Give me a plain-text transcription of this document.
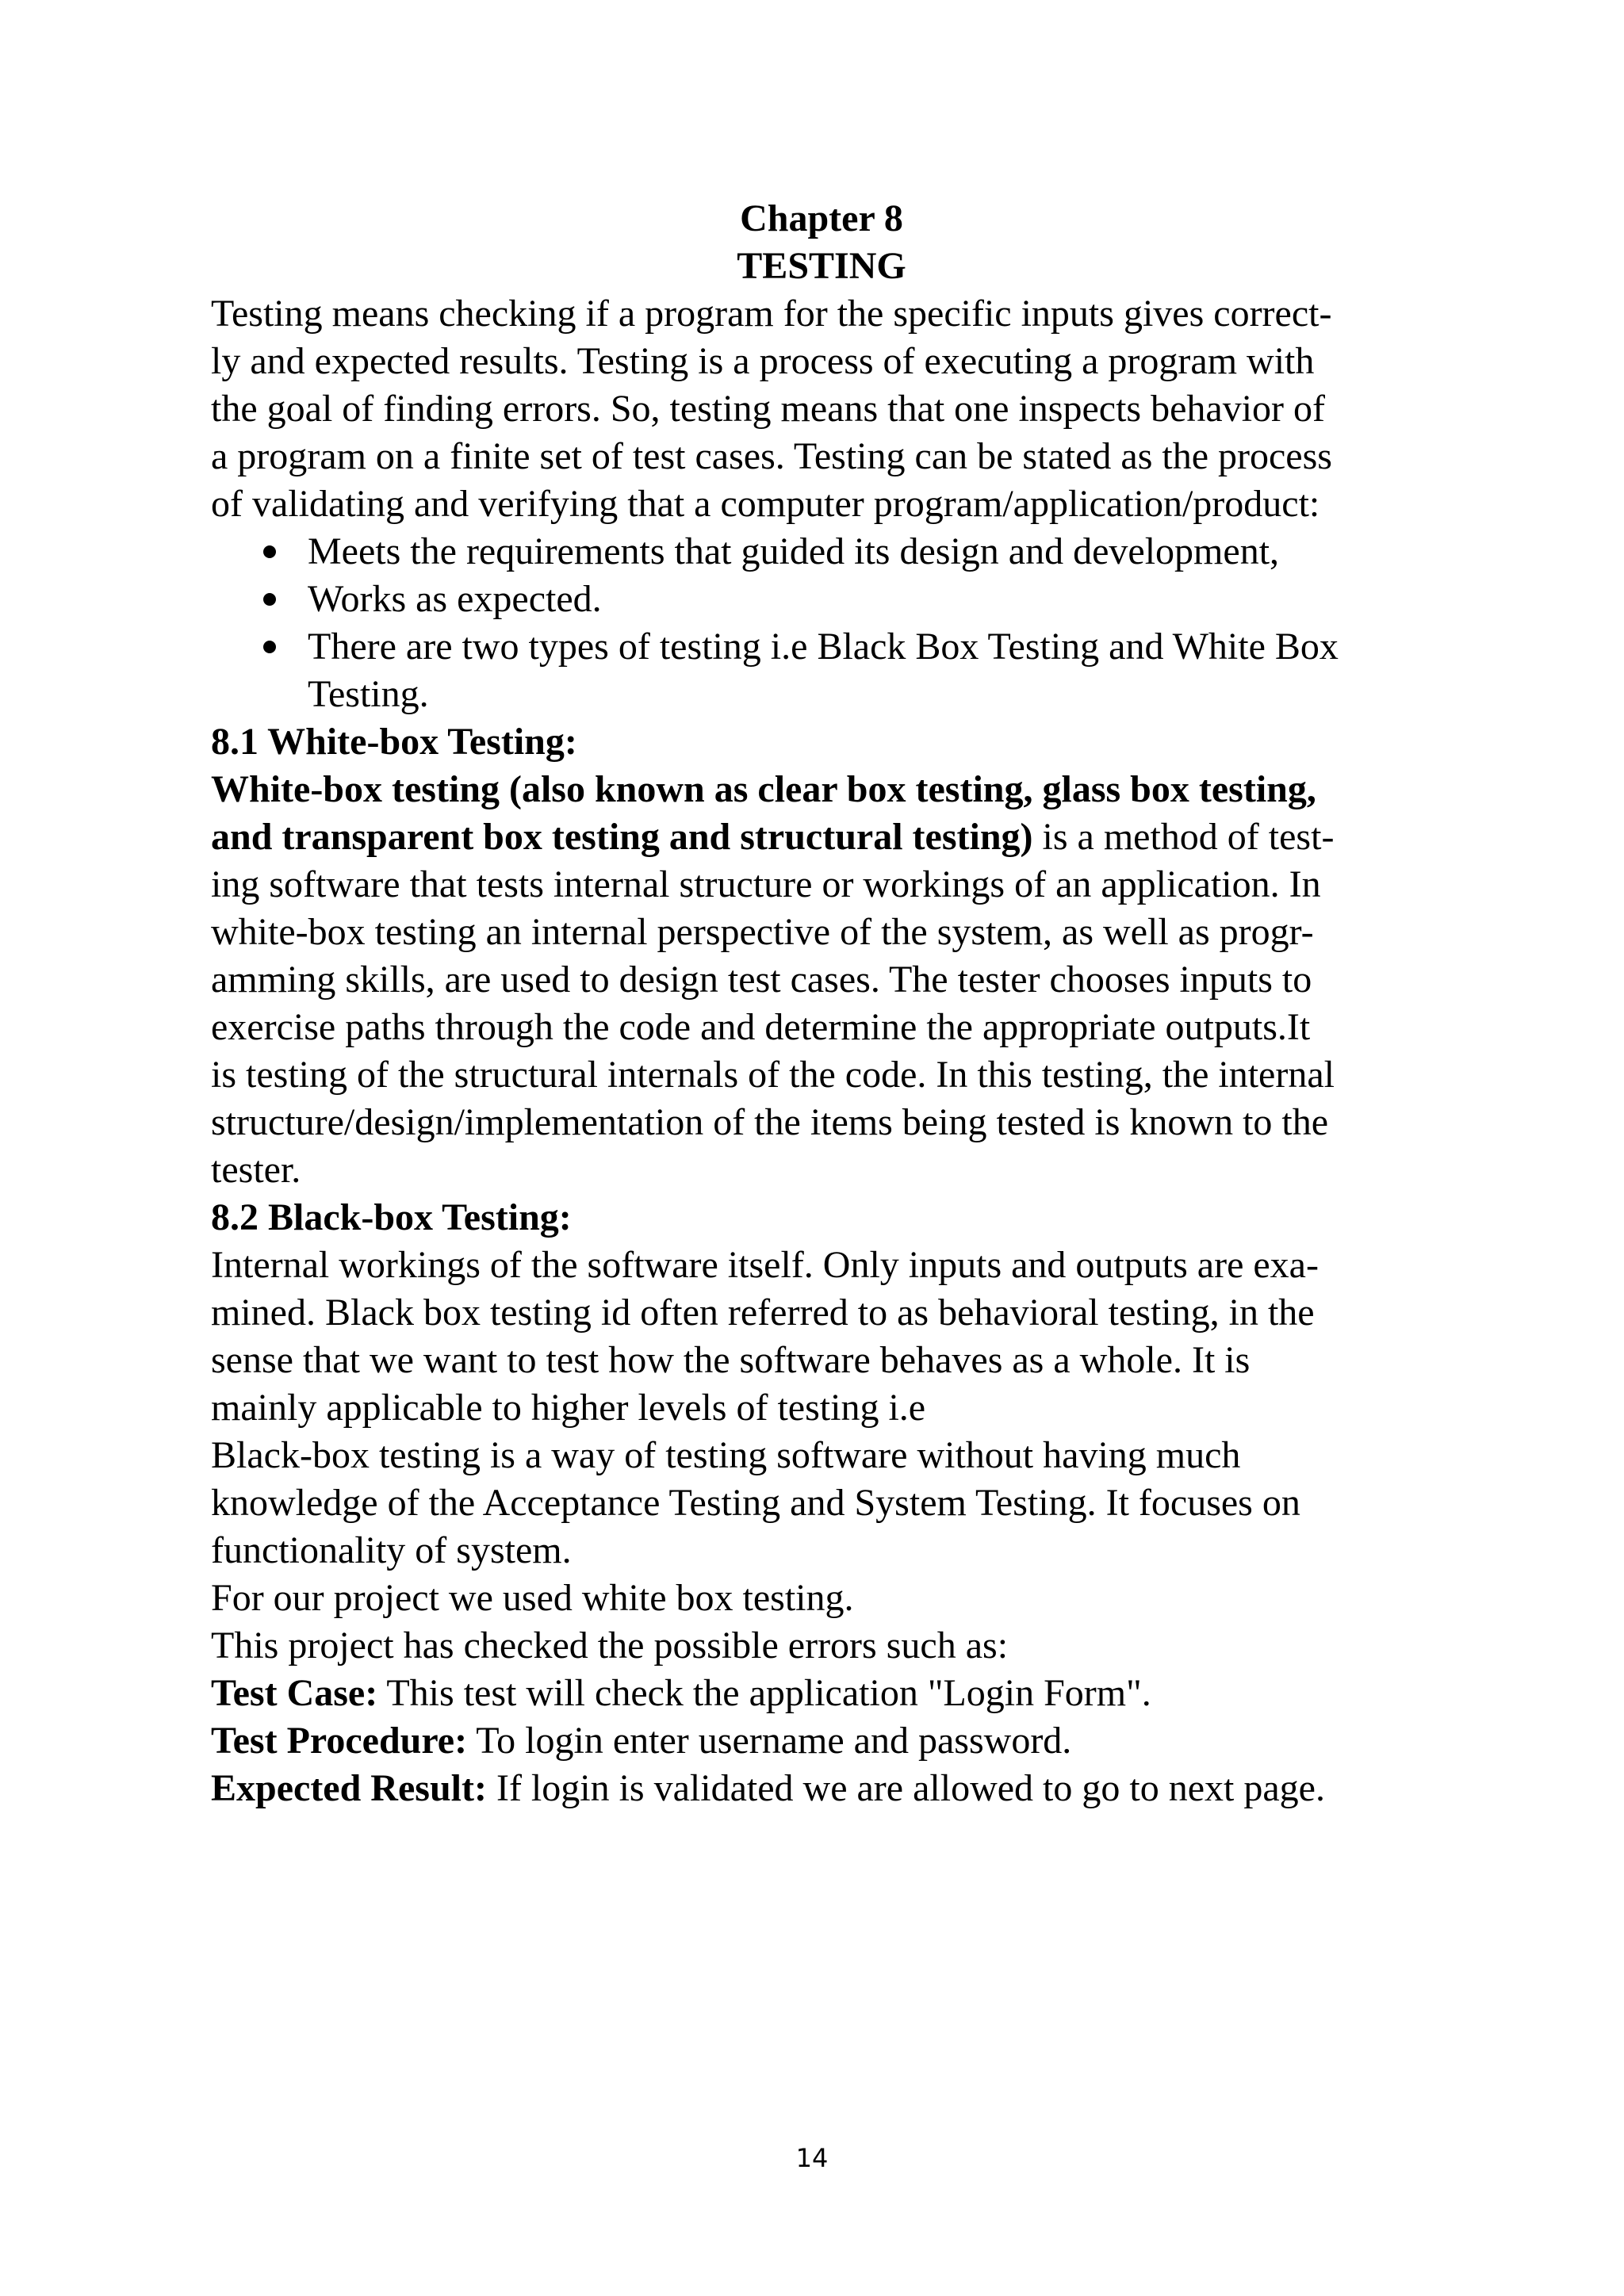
Chapter 8
TESTING
Testing means checking if a program for the specific inputs gives correct-
ly and expected results. Testing is a process of executing a program with
the goal of finding errors. So, testing means that one inspects behavior of
a program on a finite set of test cases. Testing can be stated as the process
of validating and verifying that a computer program/application/product:
Meets the requirements that guided its design and development,
Works as expected.
There are two types of testing i.e Black Box Testing and White Box
Testing.
8.1 White-box Testing:
White-box testing (also known as clear box testing, glass box testing,
and transparent box testing and structural testing) is a method of test-
ing software that tests internal structure or workings of an application. In
white-box testing an internal perspective of the system, as well as progr-
amming skills, are used to design test cases. The tester chooses inputs to
exercise paths through the code and determine the appropriate outputs.It
is testing of the structural internals of the code. In this testing, the internal
structure/design/implementation of the items being tested is known to the
tester.
8.2 Black-box Testing:
Internal workings of the software itself. Only inputs and outputs are exa-
mined. Black box testing id often referred to as behavioral testing, in the
sense that we want to test how the software behaves as a whole. It is
mainly applicable to higher levels of testing i.e
Black-box testing is a way of testing software without having much
knowledge of the Acceptance Testing and System Testing. It focuses on
functionality of system.
For our project we used white box testing.
This project has checked the possible errors such as:
Test Case: This test will check the application "Login Form".
Test Procedure: To login enter username and password.
Expected Result: If login is validated we are allowed to go to next page.
14
